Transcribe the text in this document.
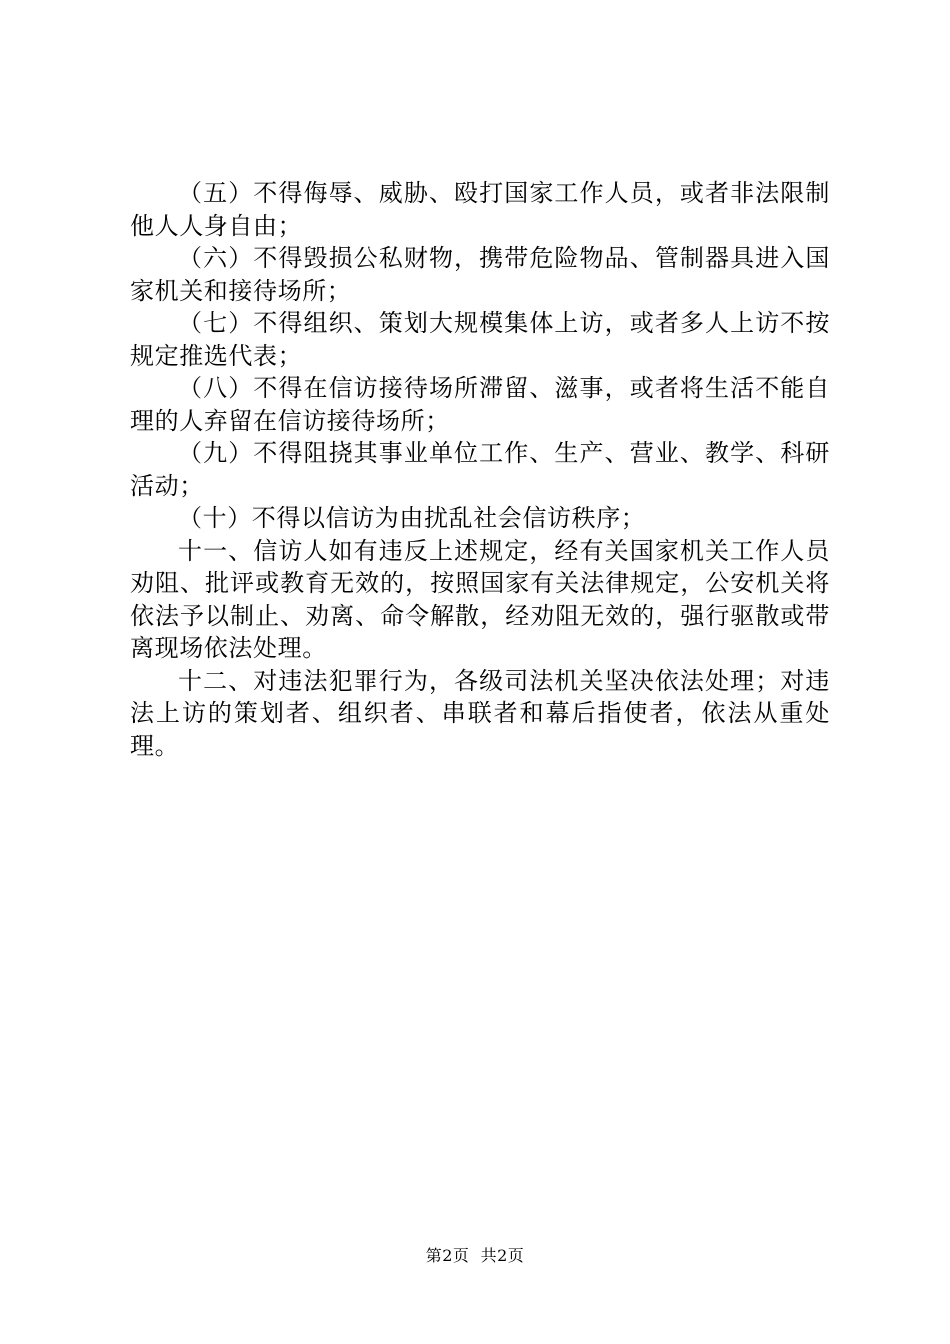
（五）不得侮辱、威胁、殴打国家工作人员，或者非法限制他人人身自由；

（六）不得毁损公私财物，携带危险物品、管制器具进入国家机关和接待场所；

（七）不得组织、策划大规模集体上访，或者多人上访不按规定推选代表；

（八）不得在信访接待场所滞留、滋事，或者将生活不能自理的人弃留在信访接待场所；

（九）不得阻挠其事业单位工作、生产、营业、教学、科研活动；

（十）不得以信访为由扰乱社会信访秩序；

十一、信访人如有违反上述规定，经有关国家机关工作人员劝阻、批评或教育无效的，按照国家有关法律规定，公安机关将依法予以制止、劝离、命令解散，经劝阻无效的，强行驱散或带离现场依法处理。

十二、对违法犯罪行为，各级司法机关坚决依法处理；对违法上访的策划者、组织者、串联者和幕后指使者，依法从重处理。

第2页  共2页
